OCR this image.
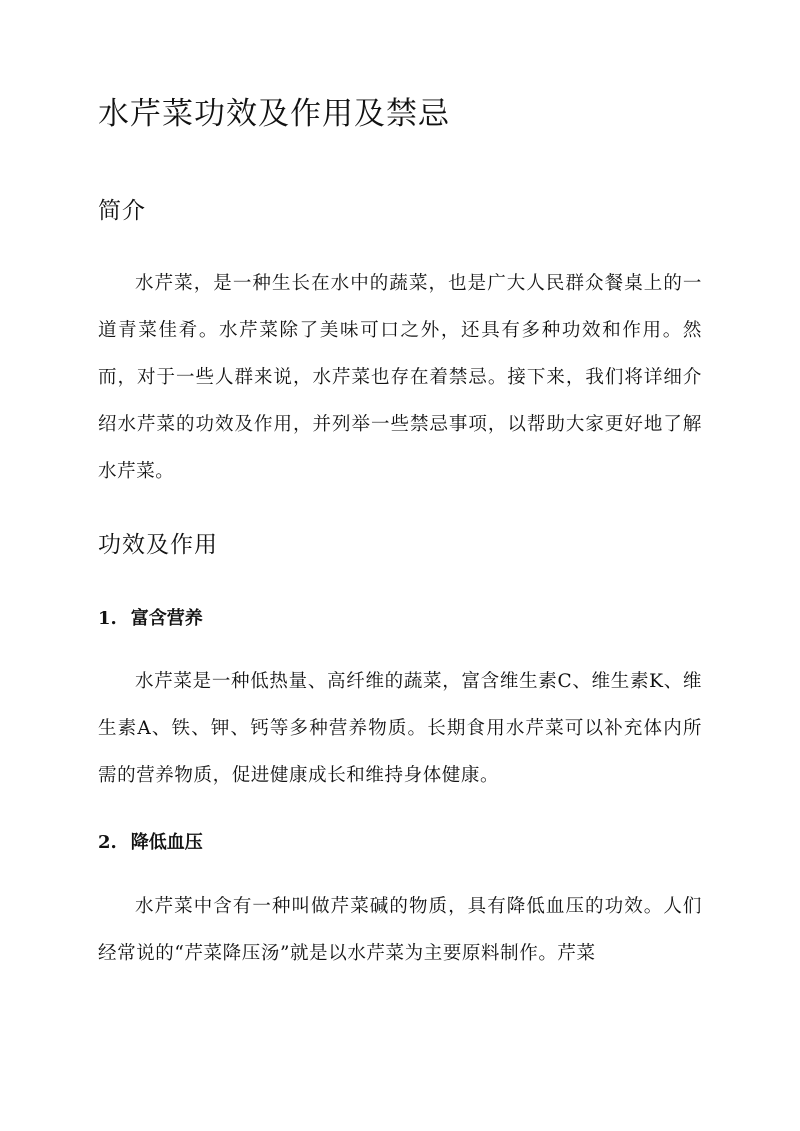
水芹菜功效及作用及禁忌
简介

水芹菜，是一种生长在水中的蔬菜，也是广大人民群众餐桌上的一道青菜佳肴。水芹菜除了美味可口之外，还具有多种功效和作用。然而，对于一些人群来说，水芹菜也存在着禁忌。接下来，我们将详细介绍水芹菜的功效及作用，并列举一些禁忌事项，以帮助大家更好地了解水芹菜。

功效及作用
1. 富含营养

水芹菜是一种低热量、高纤维的蔬菜，富含维生素C、维生素K、维生素A、铁、钾、钙等多种营养物质。长期食用水芹菜可以补充体内所需的营养物质，促进健康成长和维持身体健康。

2. 降低血压

水芹菜中含有一种叫做芹菜碱的物质，具有降低血压的功效。人们经常说的“芹菜降压汤”就是以水芹菜为主要原料制作。芹菜
